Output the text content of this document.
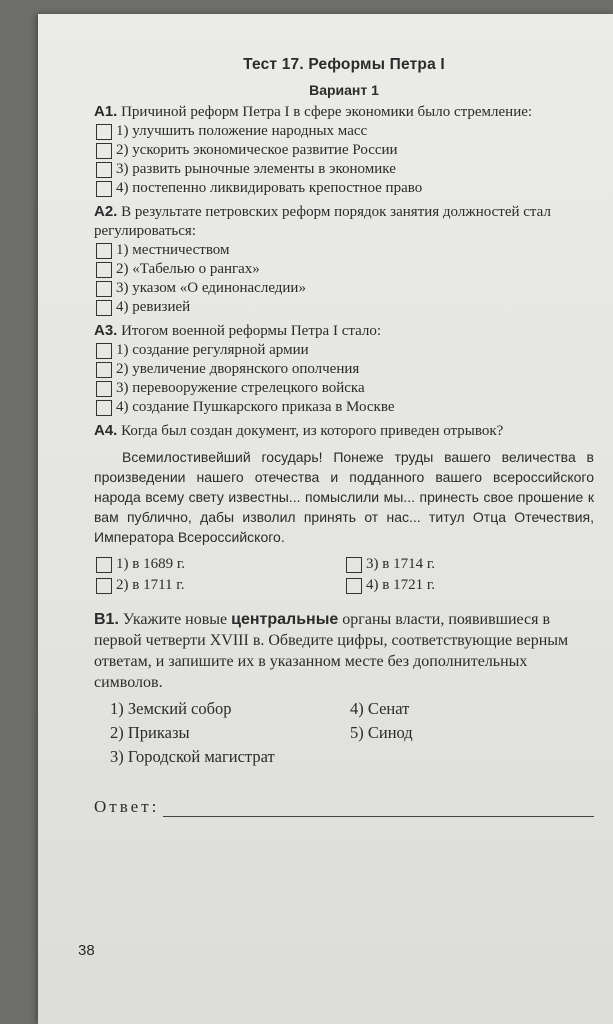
Тест 17. Реформы Петра I
Вариант 1
А1. Причиной реформ Петра I в сфере экономики было стремление:
1) улучшить положение народных масс
2) ускорить экономическое развитие России
3) развить рыночные элементы в экономике
4) постепенно ликвидировать крепостное право
А2. В результате петровских реформ порядок занятия должностей стал регулироваться:
1) местничеством
2) «Табелью о рангах»
3) указом «О единонаследии»
4) ревизией
А3. Итогом военной реформы Петра I стало:
1) создание регулярной армии
2) увеличение дворянского ополчения
3) перевооружение стрелецкого войска
4) создание Пушкарского приказа в Москве
А4. Когда был создан документ, из которого приведен отрывок?
Всемилостивейший государь! Понеже труды вашего величества в произведении нашего отечества и подданного вашего всероссийского народа всему свету известны... помыслили мы... принесть свое прошение к вам публично, дабы изволил принять от нас... титул Отца Отечествия, Императора Всероссийского.
1) в 1689 г.	3) в 1714 г.
2) в 1711 г.	4) в 1721 г.
В1. Укажите новые центральные органы власти, появившиеся в первой четверти XVIII в. Обведите цифры, соответствующие верным ответам, и запишите их в указанном месте без дополнительных символов.
1) Земский собор	4) Сенат
2) Приказы	5) Синод
3) Городской магистрат
Ответ:
38
